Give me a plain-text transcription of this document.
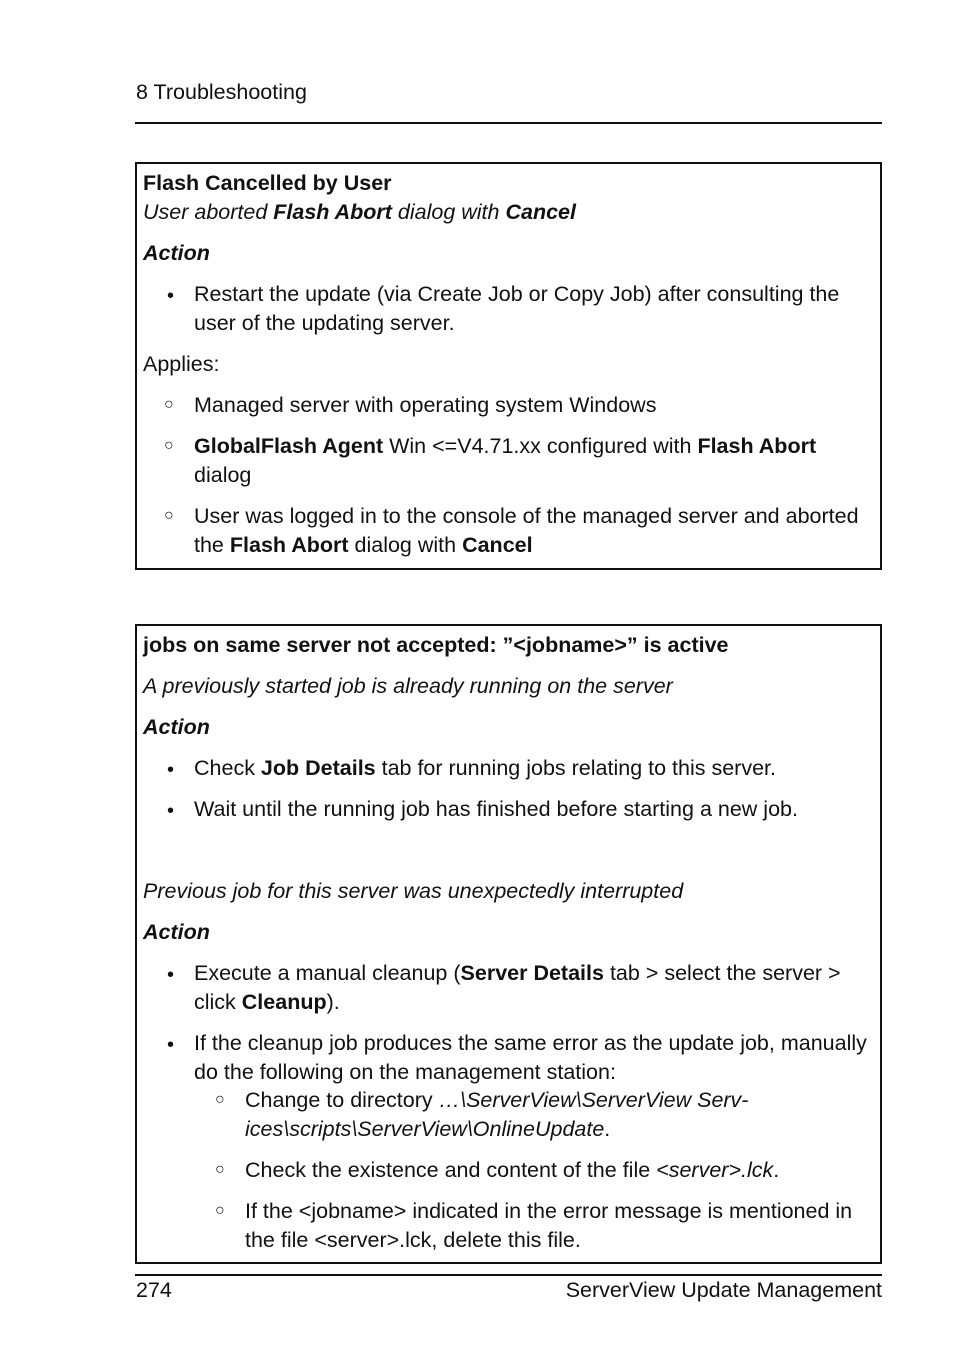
8 Troubleshooting
Flash Cancelled by User
User aborted Flash Abort dialog with Cancel
Action
• Restart the update (via Create Job or Copy Job) after consulting the
user of the updating server.
Applies:
○ Managed server with operating system Windows
○ GlobalFlash Agent Win <=V4.71.xx configured with Flash Abort
dialog
○ User was logged in to the console of the managed server and aborted
the Flash Abort dialog with Cancel
jobs on same server not accepted: ”<jobname>” is active
A previously started job is already running on the server
Action
• Check Job Details tab for running jobs relating to this server.
• Wait until the running job has finished before starting a new job.
Previous job for this server was unexpectedly interrupted
Action
• Execute a manual cleanup (Server Details tab > select the server >
click Cleanup).
• If the cleanup job produces the same error as the update job, manually
do the following on the management station:
○ Change to directory …\ServerView\ServerView Serv-
ices\scripts\ServerView\OnlineUpdate.
○ Check the existence and content of the file <server>.lck.
○ If the <jobname> indicated in the error message is mentioned in
the file <server>.lck, delete this file.
274	ServerView Update Management
